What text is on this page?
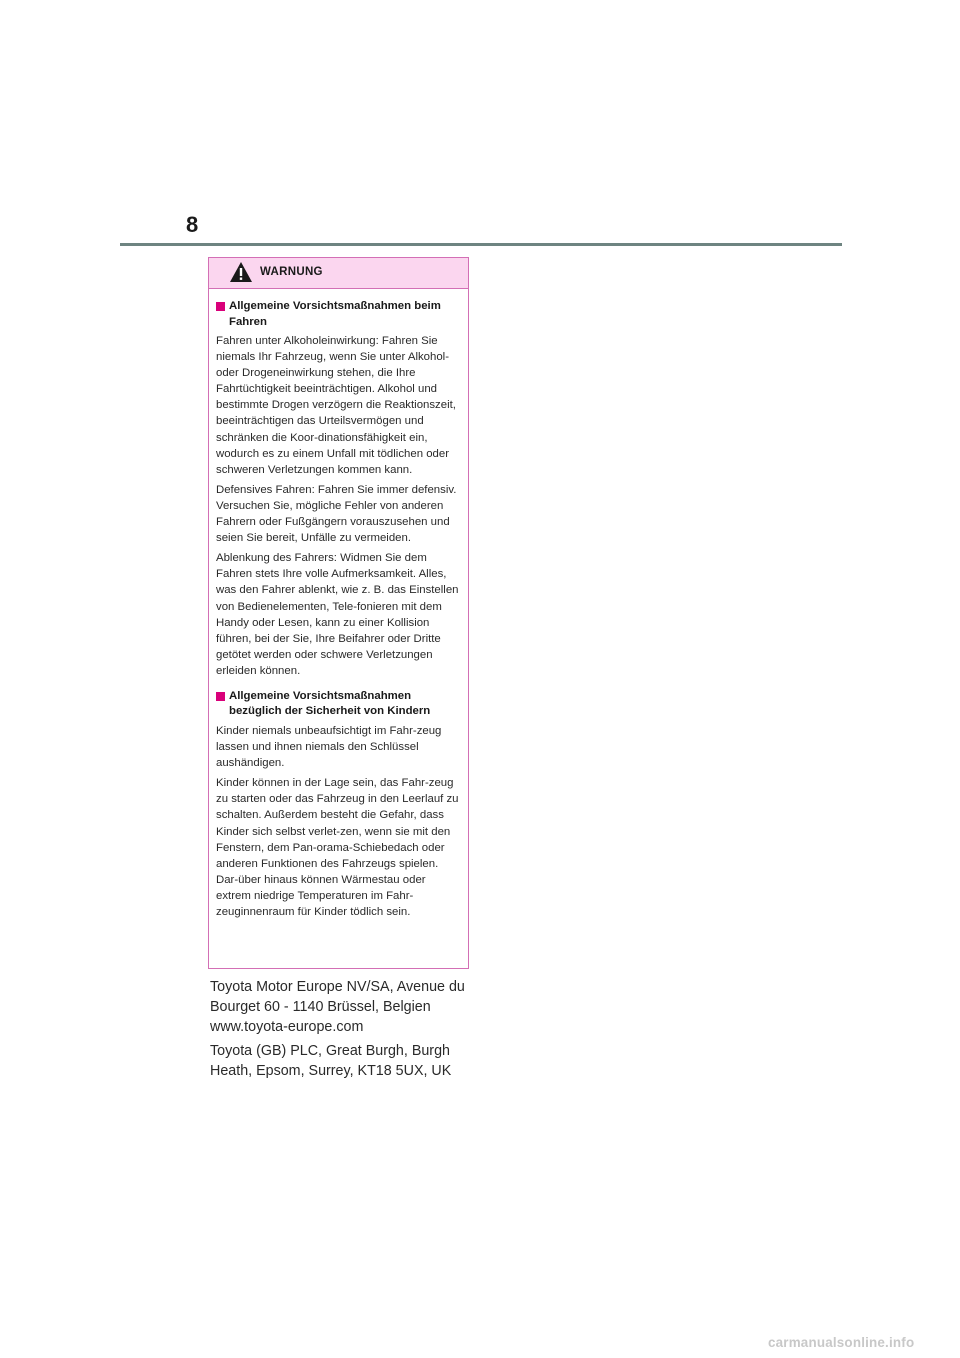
8
WARNUNG
Allgemeine Vorsichtsmaßnahmen beim Fahren

Fahren unter Alkoholeinwirkung: Fahren Sie niemals Ihr Fahrzeug, wenn Sie unter Alkohol- oder Drogeneinwirkung stehen, die Ihre Fahrtüchtigkeit beeinträchtigen. Alkohol und bestimmte Drogen verzögern die Reaktionszeit, beeinträchtigen das Urteilsvermögen und schränken die Koor-dinationsfähigkeit ein, wodurch es zu einem Unfall mit tödlichen oder schweren Verletzungen kommen kann.

Defensives Fahren: Fahren Sie immer defensiv. Versuchen Sie, mögliche Fehler von anderen Fahrern oder Fußgängern vorauszusehen und seien Sie bereit, Unfälle zu vermeiden.

Ablenkung des Fahrers: Widmen Sie dem Fahren stets Ihre volle Aufmerksamkeit. Alles, was den Fahrer ablenkt, wie z. B. das Einstellen von Bedienelementen, Tele-fonieren mit dem Handy oder Lesen, kann zu einer Kollision führen, bei der Sie, Ihre Beifahrer oder Dritte getötet werden oder schwere Verletzungen erleiden können.

Allgemeine Vorsichtsmaßnahmen bezüglich der Sicherheit von Kindern

Kinder niemals unbeaufsichtigt im Fahr-zeug lassen und ihnen niemals den Schlüssel aushändigen.

Kinder können in der Lage sein, das Fahr-zeug zu starten oder das Fahrzeug in den Leerlauf zu schalten. Außerdem besteht die Gefahr, dass Kinder sich selbst verlet-zen, wenn sie mit den Fenstern, dem Pan-orama-Schiebedach oder anderen Funktionen des Fahrzeugs spielen. Dar-über hinaus können Wärmestau oder extrem niedrige Temperaturen im Fahr-zeuginnenraum für Kinder tödlich sein.

Toyota Motor Europe NV/SA, Avenue du Bourget 60 - 1140 Brüssel, Belgien www.toyota-europe.com

Toyota (GB) PLC, Great Burgh, Burgh Heath, Epsom, Surrey, KT18 5UX, UK

carmanualsonline.info
